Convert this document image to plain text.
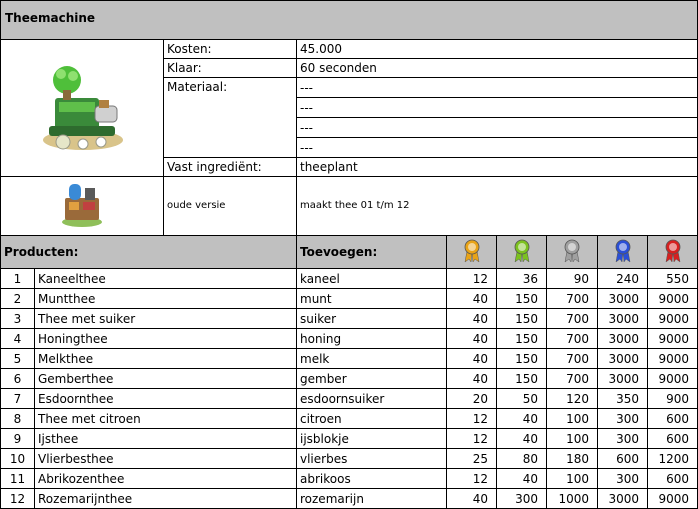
Theemachine
	Kosten:	45.000
Klaar:	60 seconden
Materiaal:		---
---
---
---

Vast ingrediënt:	theeplant
	oude versie	maakt thee 01 t/m 12
Producten:	Toevoegen:					
1	Kaneelthee	kaneel	12	36	90	240	550
2	Muntthee	munt	40	150	700	3000	9000
3	Thee met suiker	suiker	40	150	700	3000	9000
4	Honingthee	honing	40	150	700	3000	9000
5	Melkthee	melk	40	150	700	3000	9000
6	Gemberthee	gember	40	150	700	3000	9000
7	Esdoornthee	esdoornsuiker	20	50	120	350	900
8	Thee met citroen	citroen	12	40	100	300	600
9	Ijsthee	ijsblokje	12	40	100	300	600
10	Vlierbesthee	vlierbes	25	80	180	600	1200
11	Abrikozenthee	abrikoos	12	40	100	300	600
12	Rozemarijnthee	rozemarijn	40	300	1000	3000	9000
